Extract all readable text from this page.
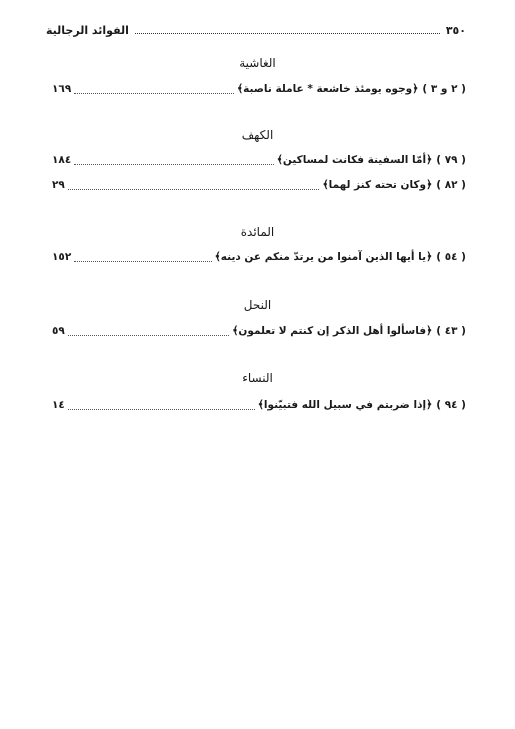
٣٥٠
الفوائد الرجالية
الغاشية
( ٢ و ٣ )
﴿وجوه يومئذ خاشعة * عاملة ناصبة﴾
١٦٩
الكهف
( ٧٩ )
﴿أمّا السفينة فكانت لمساكين﴾
١٨٤
( ٨٢ )
﴿وكان تحته كنز لهما﴾
٢٩
المائدة
( ٥٤ )
﴿يا أيها الذين آمنوا من يرتدّ منكم عن دينه﴾
١٥٢
النحل
( ٤٣ )
﴿فاسألوا أهل الذكر إن كنتم لا تعلمون﴾
٥٩
النساء
( ٩٤ )
﴿إذا ضربتم في سبيل الله فتبيّنوا﴾
١٤
